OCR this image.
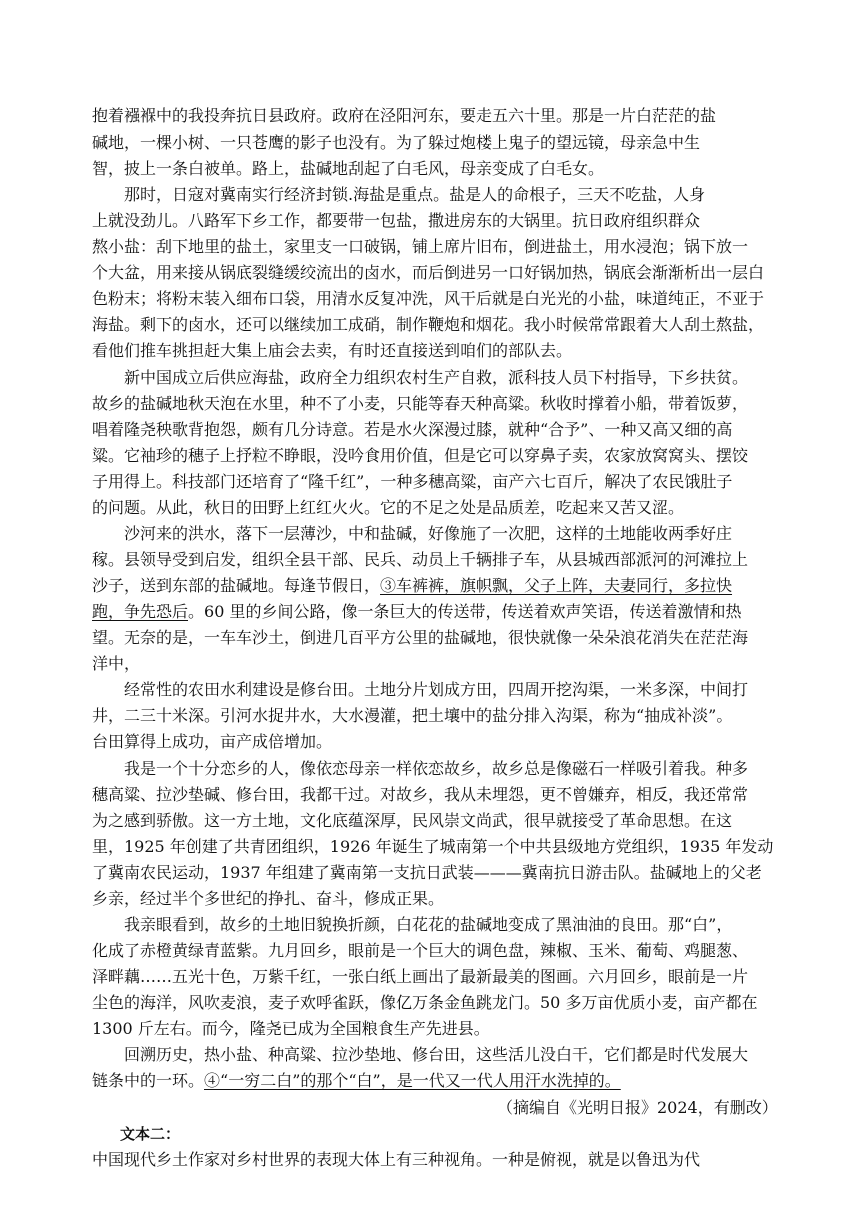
抱着襁褓中的我投奔抗日县政府。政府在泾阳河东，要走五六十里。那是一片白茫茫的盐
碱地，一棵小树、一只苍鹰的影子也没有。为了躲过炮楼上鬼子的望远镜，母亲急中生
智，披上一条白被单。路上，盐碱地刮起了白毛风，母亲变成了白毛女。
　　那时，日寇对冀南实行经济封锁.海盐是重点。盐是人的命根子，三天不吃盐，人身
上就没劲儿。八路军下乡工作，都要带一包盐，撒进房东的大锅里。抗日政府组织群众
熬小盐：刮下地里的盐土，家里支一口破锅，铺上席片旧布，倒进盐土，用水浸泡；锅下放一
个大盆，用来接从锅底裂缝缓绞流出的卤水，而后倒进另一口好锅加热，锅底会渐渐析出一层白
色粉末；将粉末装入细布口袋，用清水反复冲洗，风干后就是白光光的小盐，味道纯正，不亚于
海盐。剩下的卤水，还可以继续加工成硝，制作鞭炮和烟花。我小时候常常跟着大人刮土熬盐，
看他们推车挑担赶大集上庙会去卖，有时还直接送到咱们的部队去。
　　新中国成立后供应海盐，政府全力组织农村生产自救，派科技人员下村指导，下乡扶贫。
故乡的盐碱地秋天泡在水里，种不了小麦，只能等春天种高粱。秋收时撑着小船，带着饭萝，
唱着隆尧秧歌背抱怨，颇有几分诗意。若是水火深漫过膝，就种“合予”、一种又高又细的高
粱。它袖珍的穗子上抒粒不睁眼，没吟食用价值，但是它可以穿鼻子卖，农家放窝窝头、摆饺
子用得上。科技部门还培育了“隆千红”，一种多穗高粱，亩产六七百斤，解决了农民饿肚子
的问题。从此，秋日的田野上红红火火。它的不足之处是品质差，吃起来又苦又涩。
　　沙河来的洪水，落下一层薄沙，中和盐碱，好像施了一次肥，这样的土地能收两季好庄
稼。县领导受到启发，组织全县干部、民兵、动员上千辆排子车，从县城西部派河的河滩拉上
沙子，送到东部的盐碱地。每逢节假日，③车裤裤，旗帜飘，父子上阵，夫妻同行，多拉快
跑，争先恐后。60 里的乡间公路，像一条巨大的传送带，传送着欢声笑语，传送着激情和热
望。无奈的是，一车车沙土，倒进几百平方公里的盐碱地，很快就像一朵朵浪花消失在茫茫海
洋中，
　　经常性的农田水利建设是修台田。土地分片划成方田，四周开挖沟渠，一米多深，中间打
井，二三十米深。引河水捉井水，大水漫灌，把土壤中的盐分排入沟渠，称为“抽成补淡”。
台田算得上成功，亩产成倍增加。
　　我是一个十分恋乡的人，像依恋母亲一样依恋故乡，故乡总是像磁石一样吸引着我。种多
穗高粱、拉沙垫碱、修台田，我都干过。对故乡，我从未埋怨，更不曾嫌弃，相反，我还常常
为之感到骄傲。这一方土地，文化底蕴深厚，民风崇文尚武，很早就接受了革命思想。在这
里，1925 年创建了共青团组织，1926 年诞生了城南第一个中共县级地方党组织，1935 年发动
了冀南农民运动，1937 年组建了冀南第一支抗日武装———冀南抗日游击队。盐碱地上的父老
乡亲，经过半个多世纪的挣扎、奋斗，修成正果。
　　我亲眼看到，故乡的土地旧貌换折颜，白花花的盐碱地变成了黑油油的良田。那“白”，
化成了赤橙黄绿青蓝紫。九月回乡，眼前是一个巨大的调色盘，辣椒、玉米、葡萄、鸡腿葱、
泽畔藕……五光十色，万紫千红，一张白纸上画出了最新最美的图画。六月回乡，眼前是一片
尘色的海洋，风吹麦浪，麦子欢呼雀跃，像亿万条金鱼跳龙门。50 多万亩优质小麦，亩产都在
1300 斤左右。而今，隆尧已成为全国粮食生产先进县。
　　回溯历史，热小盐、种高粱、拉沙垫地、修台田，这些活儿没白干，它们都是时代发展大
链条中的一环。④“一穷二白”的那个“白”，是一代又一代人用汗水洗掉的。
（摘编自《光明日报》2024，有删改）
文本二：
中国现代乡土作家对乡村世界的表现大体上有三种视角。一种是俯视，就是以鲁迅为代
